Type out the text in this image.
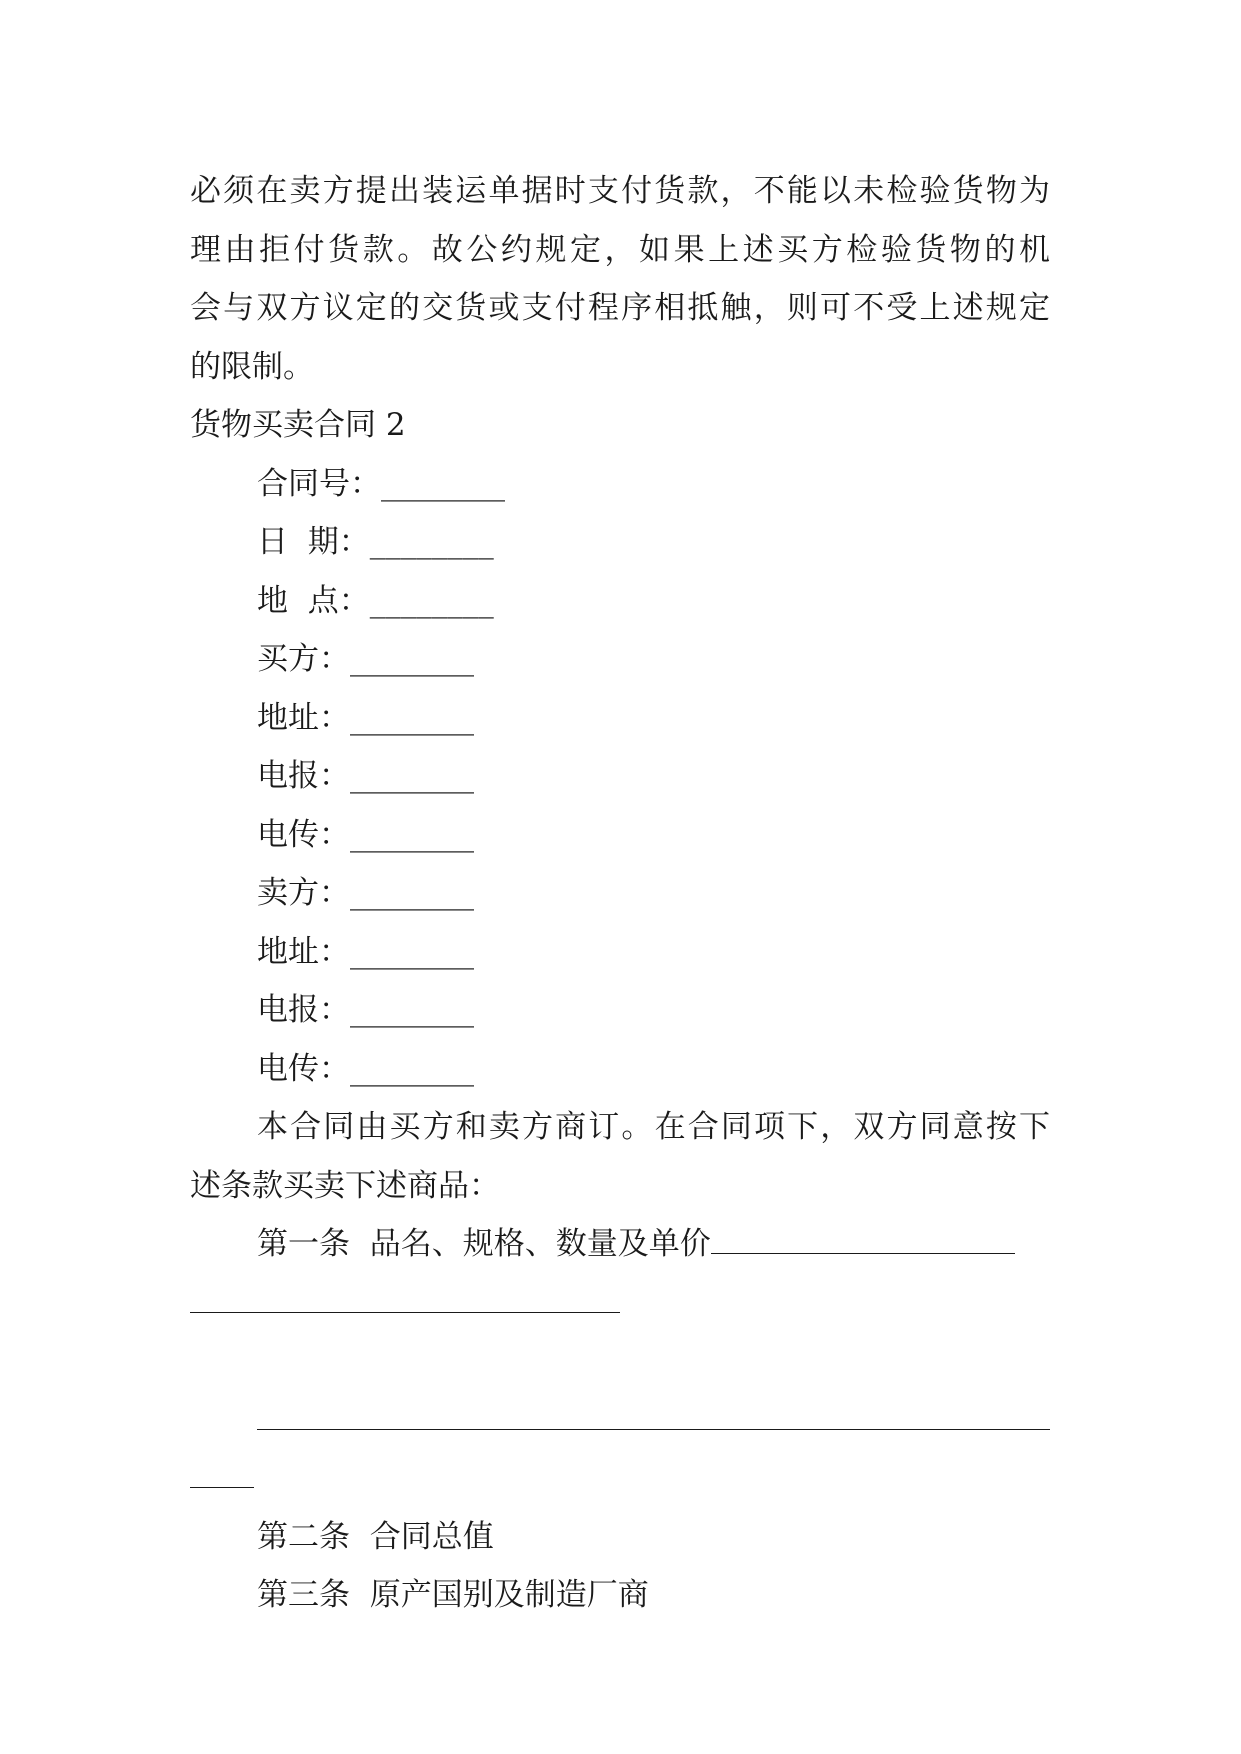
必须在卖方提出装运单据时支付货款，不能以未检验货物为
理由拒付货款。故公约规定，如果上述买方检验货物的机
会与双方议定的交货或支付程序相抵触，则可不受上述规定
的限制。
货物买卖合同 2
合同号：________
日  期：________
地  点：________
买方：________
地址：________
电报：________
电传：________
卖方：________
地址：________
电报：________
电传：________
本合同由买方和卖方商订。在合同项下，双方同意按下
述条款买卖下述商品：
第一条  品名、规格、数量及单价
第二条  合同总值
第三条  原产国别及制造厂商
